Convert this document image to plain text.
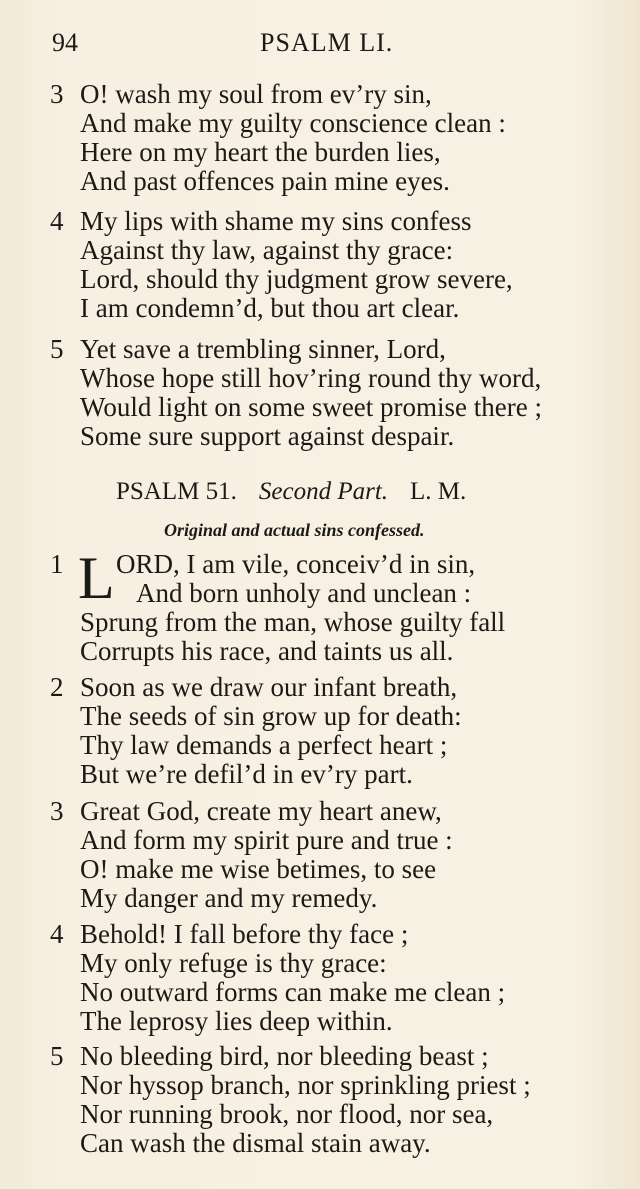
94	PSALM LI.
3 O! wash my soul from ev’ry sin,
And make my guilty conscience clean :
Here on my heart the burden lies,
And past offences pain mine eyes.
4 My lips with shame my sins confess
Against thy law, against thy grace:
Lord, should thy judgment grow severe,
I am condemn’d, but thou art clear.
5 Yet save a trembling sinner, Lord,
Whose hope still hov’ring round thy word,
Would light on some sweet promise there ;
Some sure support against despair.
PSALM 51. Second Part. L. M.
Original and actual sins confessed.
1 L ORD, I am vile, conceiv’d in sin,
And born unholy and unclean :
Sprung from the man, whose guilty fall
Corrupts his race, and taints us all.
2 Soon as we draw our infant breath,
The seeds of sin grow up for death:
Thy law demands a perfect heart ;
But we’re defil’d in ev’ry part.
3 Great God, create my heart anew,
And form my spirit pure and true :
O! make me wise betimes, to see
My danger and my remedy.
4 Behold! I fall before thy face ;
My only refuge is thy grace:
No outward forms can make me clean ;
The leprosy lies deep within.
5 No bleeding bird, nor bleeding beast ;
Nor hyssop branch, nor sprinkling priest ;
Nor running brook, nor flood, nor sea,
Can wash the dismal stain away.
